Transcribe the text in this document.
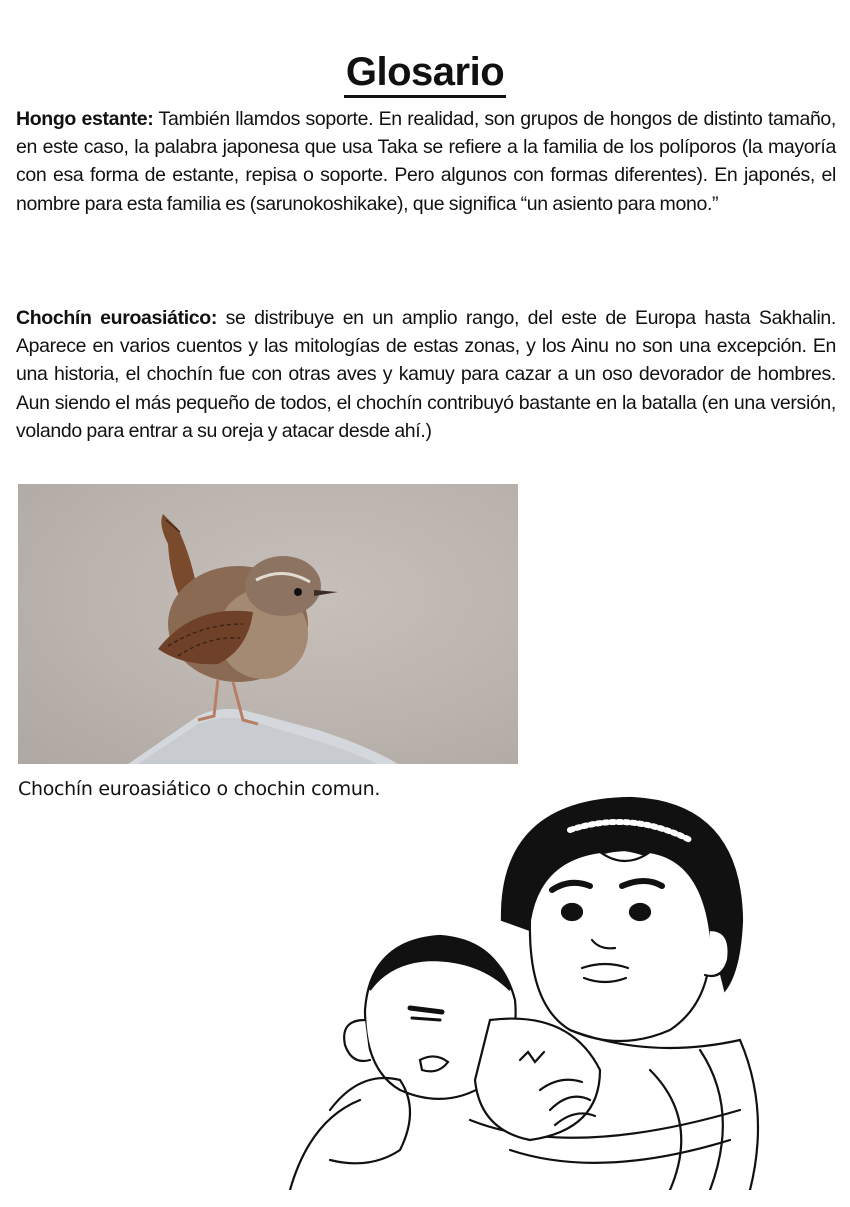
Glosario

Hongo estante: También llamdos soporte. En realidad, son grupos de hongos de distinto tamaño, en este caso, la palabra japonesa que usa Taka se refiere a la familia de los políporos (la mayoría con esa forma de estante, repisa o soporte. Pero algunos con formas diferentes). En japonés, el nombre para esta familia es (sarunokoshikake), que significa “un asiento para mono.”

Chochín euroasiático: se distribuye en un amplio rango, del este de Europa hasta Sakhalin. Aparece en varios cuentos y las mitologías de estas zonas, y los Ainu no son una excepción. En una historia, el chochín fue con otras aves y kamuy para cazar a un oso devorador de hombres. Aun siendo el más pequeño de todos, el chochín contribuyó bastante en la batalla (en una versión, volando para entrar a su oreja y atacar desde ahí.)

Chochín euroasiático o chochin comun.
